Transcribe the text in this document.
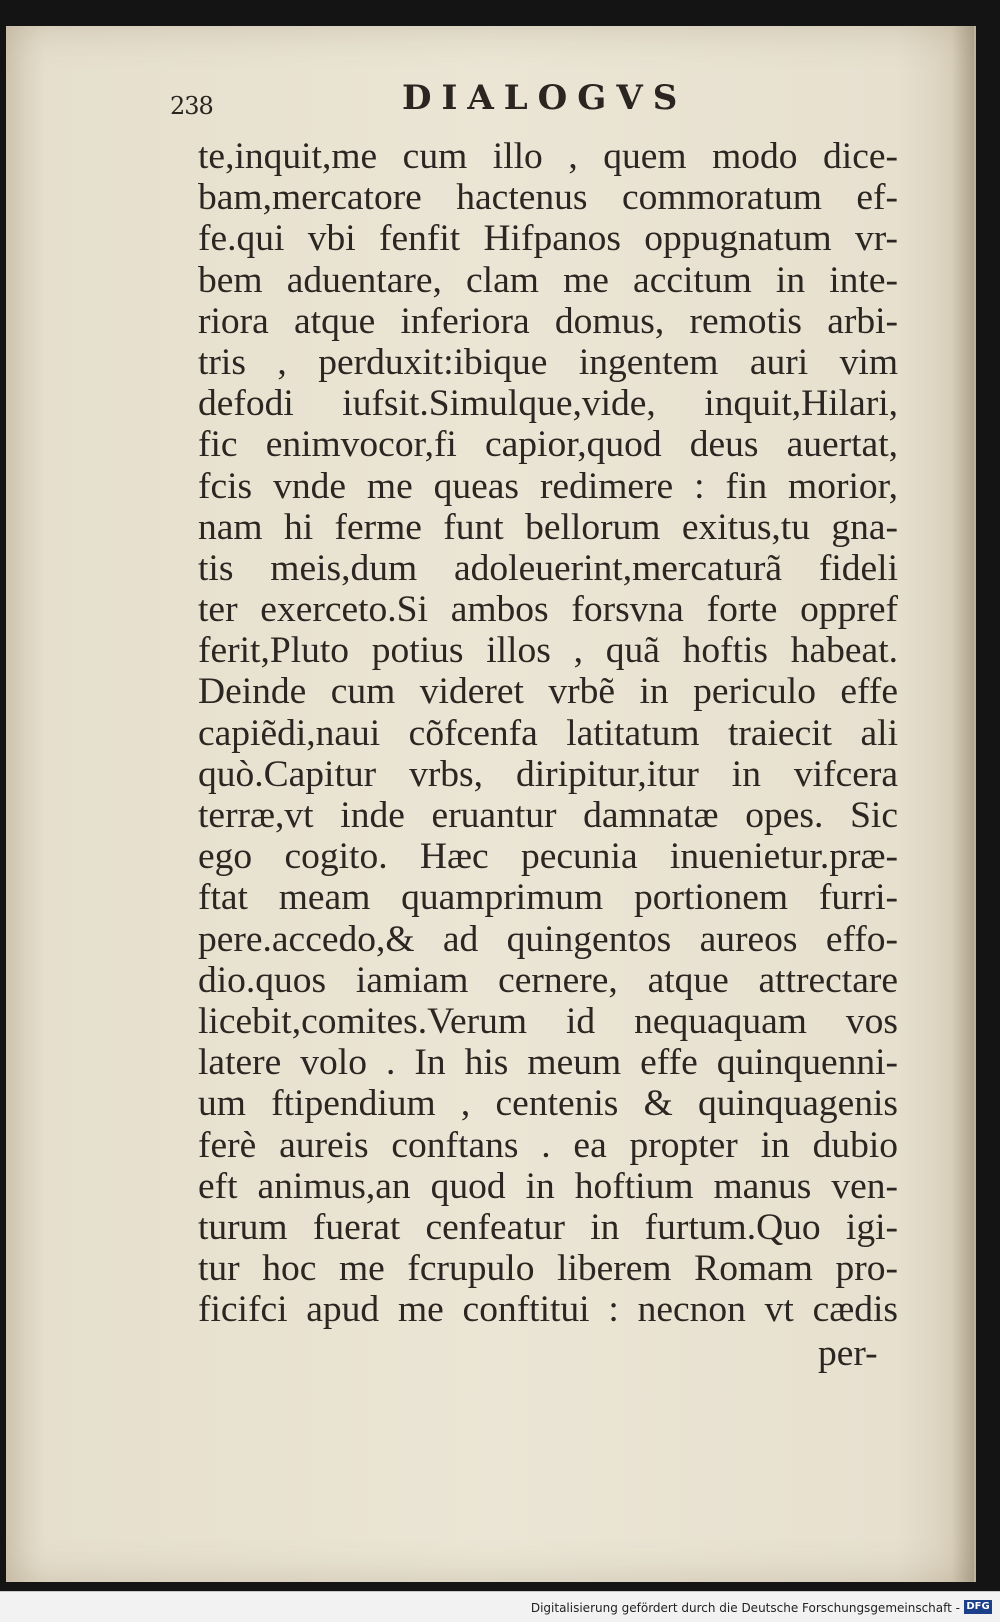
238	DIALOGVS
te,inquit,me cum illo , quem modo dice-
bam,mercatore hactenus commoratum ef-
fe.qui vbi fenfit Hifpanos oppugnatum vr-
bem aduentare, clam me accitum in inte-
riora atque inferiora domus, remotis arbi-
tris , perduxit:ibique ingentem auri vim
defodi iufsit.Simulque,vide, inquit,Hilari,
fic enimvocor,fi capior,quod deus auertat,
fcis vnde me queas redimere : fin morior,
nam hi ferme funt bellorum exitus,tu gna-
tis meis,dum adoleuerint,mercaturã fideli
ter exerceto.Si ambos forsvna forte oppref
ferit,Pluto potius illos , quã hoftis habeat.
Deinde cum videret vrbẽ in periculo effe
capiẽdi,naui cõfcenfa latitatum traiecit ali
quò.Capitur vrbs, diripitur,itur in vifcera
terræ,vt inde eruantur damnatæ opes. Sic
ego cogito. Hæc pecunia inuenietur.præ-
ftat meam quamprimum portionem furri-
pere.accedo,& ad quingentos aureos effo-
dio.quos iamiam cernere, atque attrectare
licebit,comites.Verum id nequaquam vos
latere volo . In his meum effe quinquenni-
um ftipendium , centenis & quinquagenis
ferè aureis conftans . ea propter in dubio
eft animus,an quod in hoftium manus ven-
turum fuerat cenfeatur in furtum.Quo igi-
tur hoc me fcrupulo liberem Romam pro-
ficifci apud me conftitui : necnon vt cædis
per-
Digitalisierung gefördert durch die Deutsche Forschungsgemeinschaft - DFG
